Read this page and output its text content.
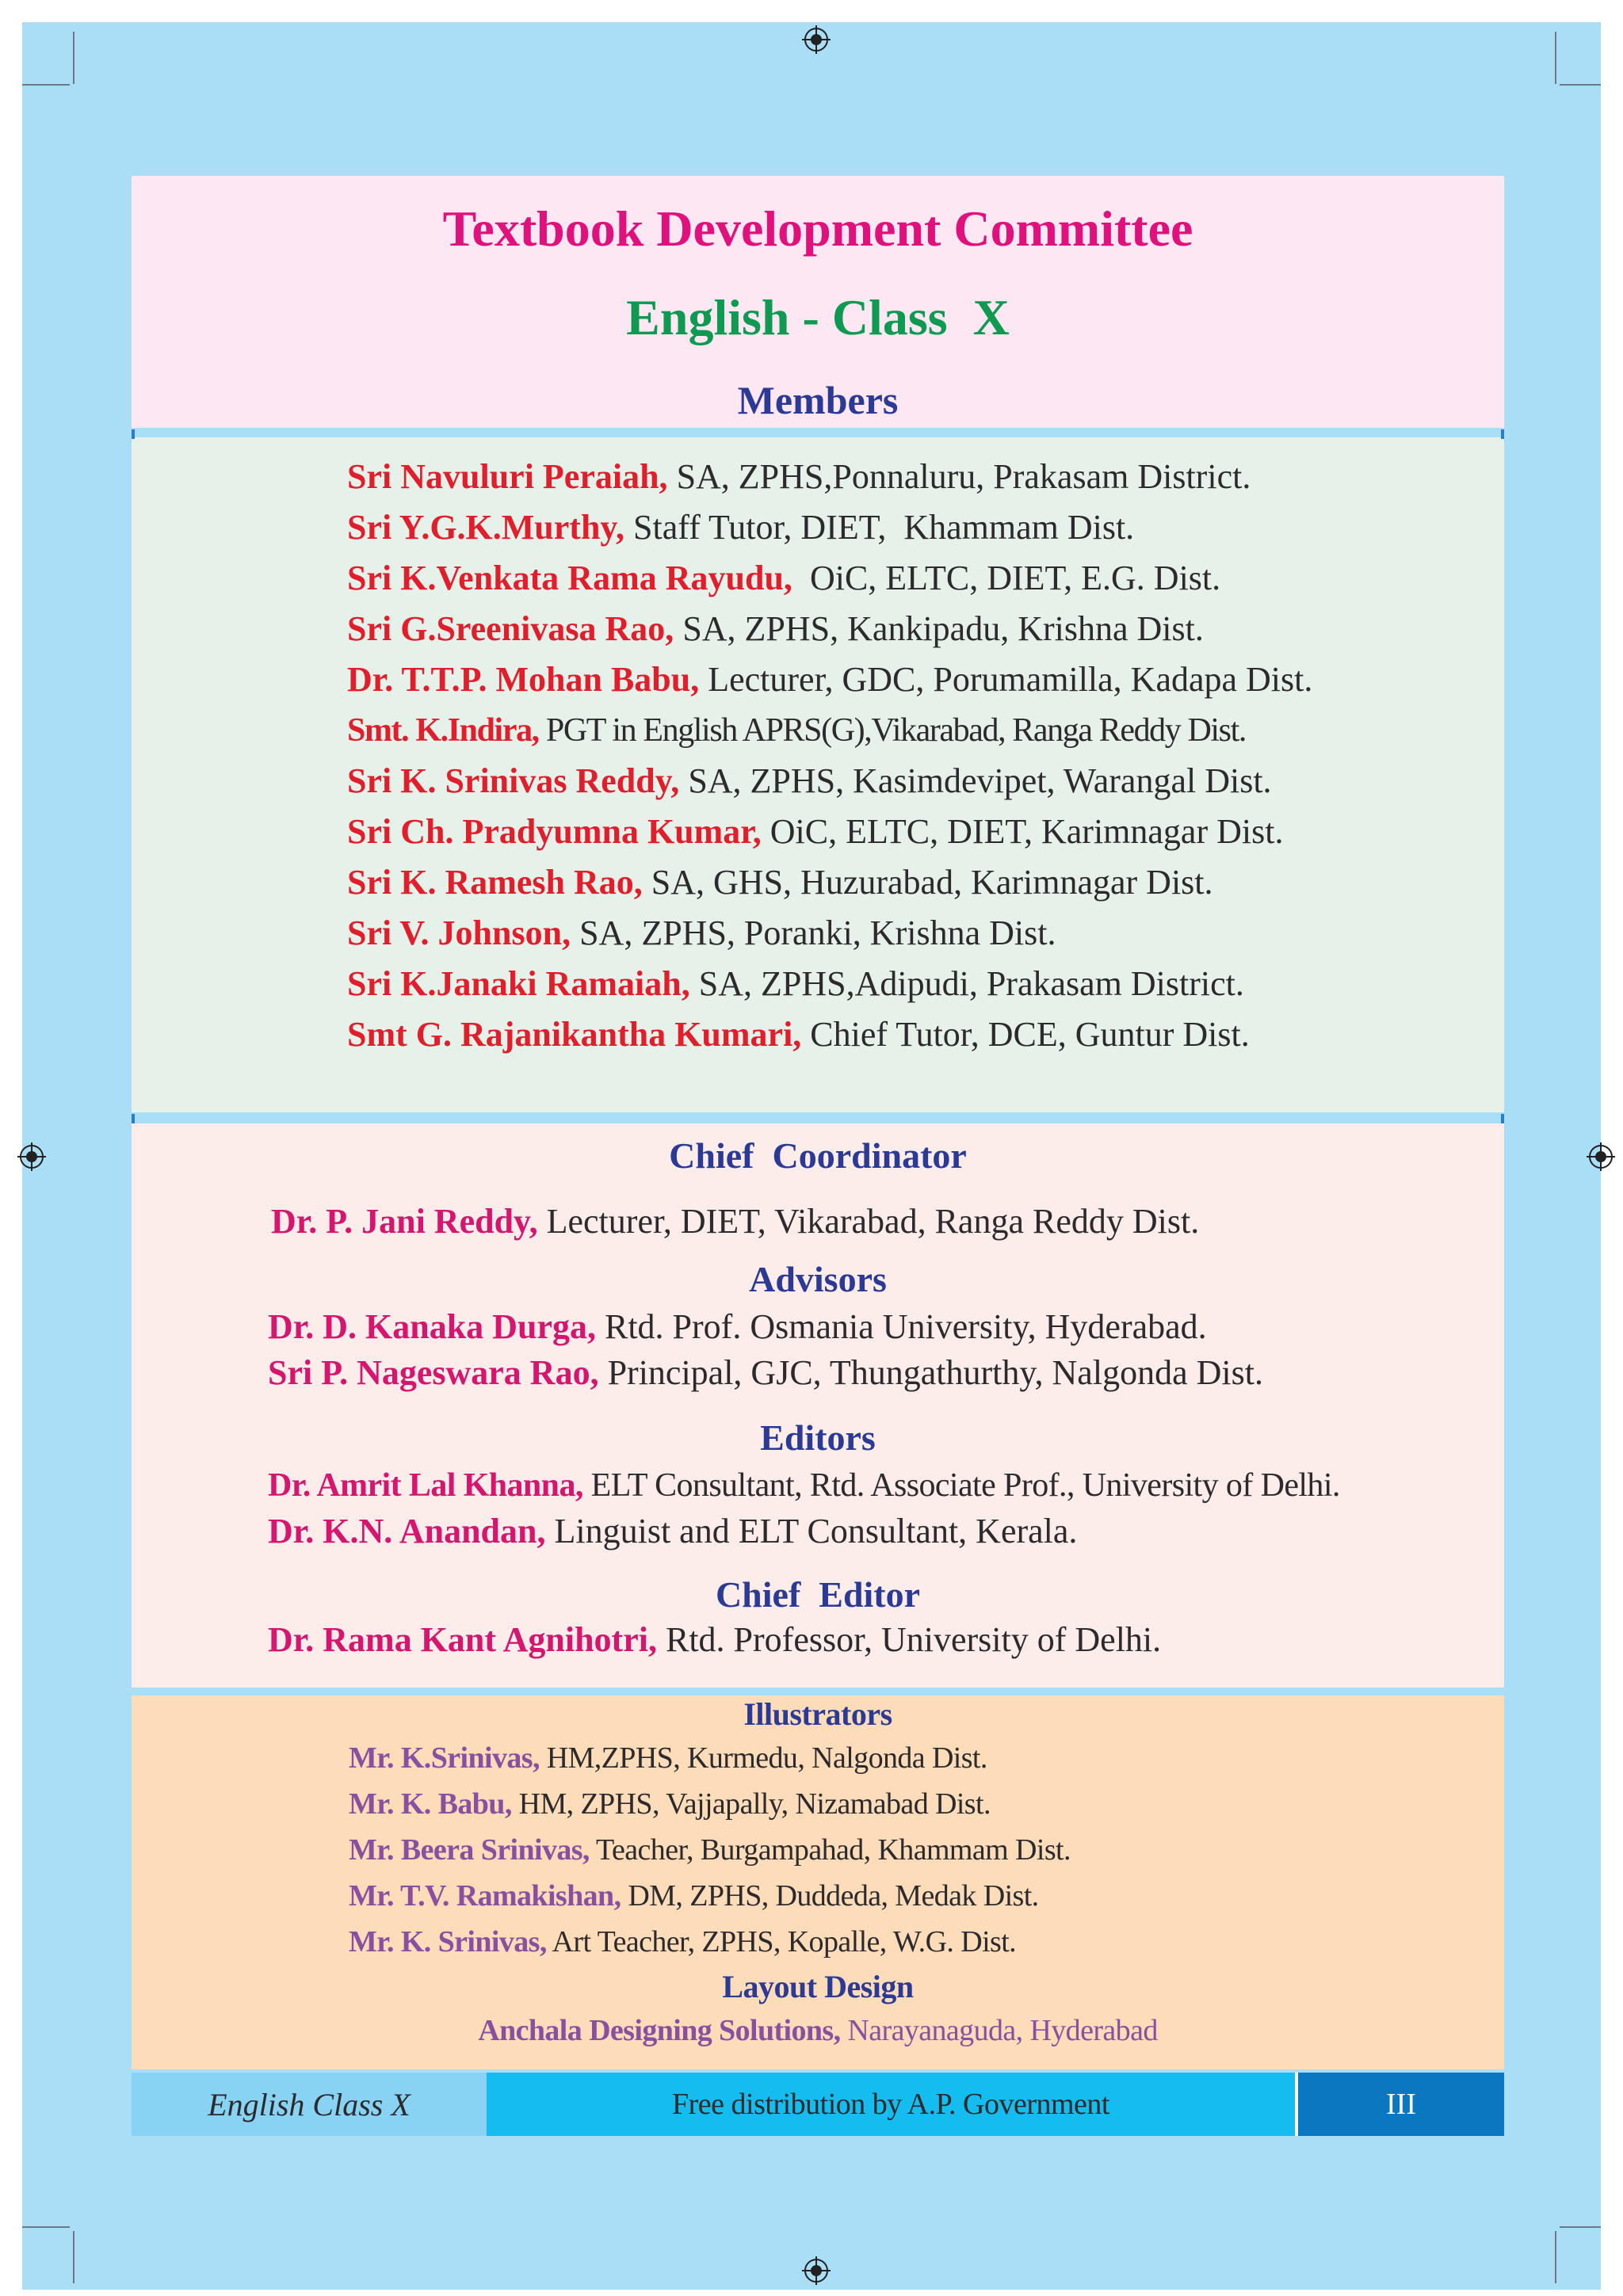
Textbook Development Committee
English - Class  X
Members
Sri Navuluri Peraiah, SA, ZPHS,Ponnaluru, Prakasam District.
Sri Y.G.K.Murthy, Staff Tutor, DIET,  Khammam Dist.
Sri K.Venkata Rama Rayudu,  OiC, ELTC, DIET, E.G. Dist.
Sri G.Sreenivasa Rao, SA, ZPHS, Kankipadu, Krishna Dist.
Dr. T.T.P. Mohan Babu, Lecturer, GDC, Porumamilla, Kadapa Dist.
Smt. K.Indira, PGT in English APRS(G),Vikarabad, Ranga Reddy Dist.
Sri K. Srinivas Reddy, SA, ZPHS, Kasimdevipet, Warangal Dist.
Sri Ch. Pradyumna Kumar, OiC, ELTC, DIET, Karimnagar Dist.
Sri K. Ramesh Rao, SA, GHS, Huzurabad, Karimnagar Dist.
Sri V. Johnson, SA, ZPHS, Poranki, Krishna Dist.
Sri K.Janaki Ramaiah, SA, ZPHS,Adipudi, Prakasam District.
Smt G. Rajanikantha Kumari, Chief Tutor, DCE, Guntur Dist.
Chief  Coordinator
Dr. P. Jani Reddy, Lecturer, DIET, Vikarabad, Ranga Reddy Dist.
Advisors
Dr. D. Kanaka Durga, Rtd. Prof. Osmania University, Hyderabad.
Sri P. Nageswara Rao, Principal, GJC, Thungathurthy, Nalgonda Dist.
Editors
Dr. Amrit Lal Khanna, ELT Consultant, Rtd. Associate Prof., University of Delhi.
Dr. K.N. Anandan, Linguist and ELT Consultant, Kerala.
Chief  Editor
Dr. Rama Kant Agnihotri, Rtd. Professor, University of Delhi.
Illustrators
Mr. K.Srinivas, HM,ZPHS, Kurmedu, Nalgonda Dist.
Mr. K. Babu, HM, ZPHS, Vajjapally, Nizamabad Dist.
Mr. Beera Srinivas, Teacher, Burgampahad, Khammam Dist.
Mr. T.V. Ramakishan, DM, ZPHS, Duddeda, Medak Dist.
Mr. K. Srinivas, Art Teacher, ZPHS, Kopalle, W.G. Dist.
Layout Design
Anchala Designing Solutions, Narayanaguda, Hyderabad
English Class X	Free distribution by A.P. Government	III
